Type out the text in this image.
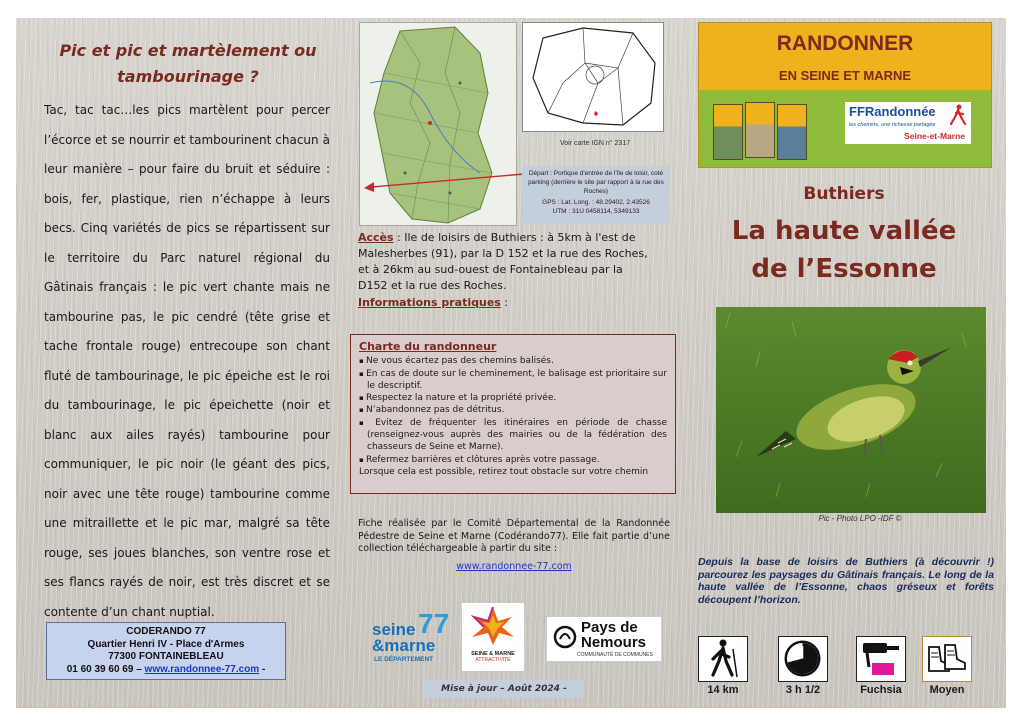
Pic et pic et martèlement ou tambourinage ?
Tac, tac tac…les pics martèlent pour percer l’écorce et se nourrir et tambourinent chacun à leur manière – pour faire du bruit et séduire : bois, fer, plastique, rien n’échappe à leurs becs. Cinq variétés de pics se répartissent sur le territoire du Parc naturel régional du Gâtinais français : le pic vert chante mais ne tambourine pas, le pic cendré (tête grise et tache frontale rouge) entrecoupe son chant fluté de tambourinage, le pic épeiche est le roi du tambourinage, le pic épeichette (noir et blanc aux ailes rayés) tambourine pour communiquer, le pic noir (le géant des pics, noir avec une tête rouge) tambourine comme une mitraillette et le pic mar, malgré sa tête rouge, ses joues blanches, son ventre rose et ses flancs rayés de noir, est très discret et se contente d’un chant nuptial.
CODERANDO 77
Quartier Henri IV - Place d'Armes
77300 FONTAINEBLEAU
01 60 39 60 69 – www.randonnee-77.com -
Voir carte IGN n° 2317
Départ : Portique d'entrée de l'île de loisir, coté parking (derrière le site par rapport à la rue des Roches)
GPS : Lat. Long. : 48.29402, 2.43526
UTM : 31U 0458114, 5349133
Accès : Ile de loisirs de Buthiers : à 5km à l'est de Malesherbes (91), par la D 152 et la rue des Roches, et à 26km au sud-ouest de Fontainebleau par la D152 et la rue des Roches.
Informations pratiques :
Charte du randonneur
▪ Ne vous écartez pas des chemins balisés.
▪ En cas de doute sur le cheminement, le balisage est prioritaire sur le descriptif.
▪ Respectez la nature et la propriété privée.
▪ N’abandonnez pas de détritus.
▪ Evitez de fréquenter les itinéraires en période de chasse (renseignez-vous auprès des mairies ou de la fédération des chasseurs de Seine et Marne).
▪ Refermez barrières et clôtures après votre passage.
Lorsque cela est possible, retirez tout obstacle sur votre chemin
Fiche réalisée par le Comité Départemental de la Randonnée Pédestre de Seine et Marne (Codérando77). Elle fait partie d’une collection téléchargeable à partir du site :
www.randonnee-77.com
seine
&marne
77
LE DÉPARTEMENT
SEINE & MARNE
ATTRACTIVITÉ
Pays de
Nemours
COMMUNAUTÉ DE COMMUNES
Mise à jour – Août 2024 -
RANDONNER
EN SEINE ET MARNE
FFRandonnée
les chemins, une richesse partagée
Seine-et-Marne
Buthiers
La haute vallée
de l’Essonne
Pic - Photo LPO -IDF ©
Depuis la base de loisirs de Buthiers (à découvrir !) parcourez les paysages du Gâtinais français. Le long de la haute vallée de l’Essonne, chaos gréseux et forêts découpent l’horizon.
14 km	3 h 1/2	Fuchsia	Moyen
